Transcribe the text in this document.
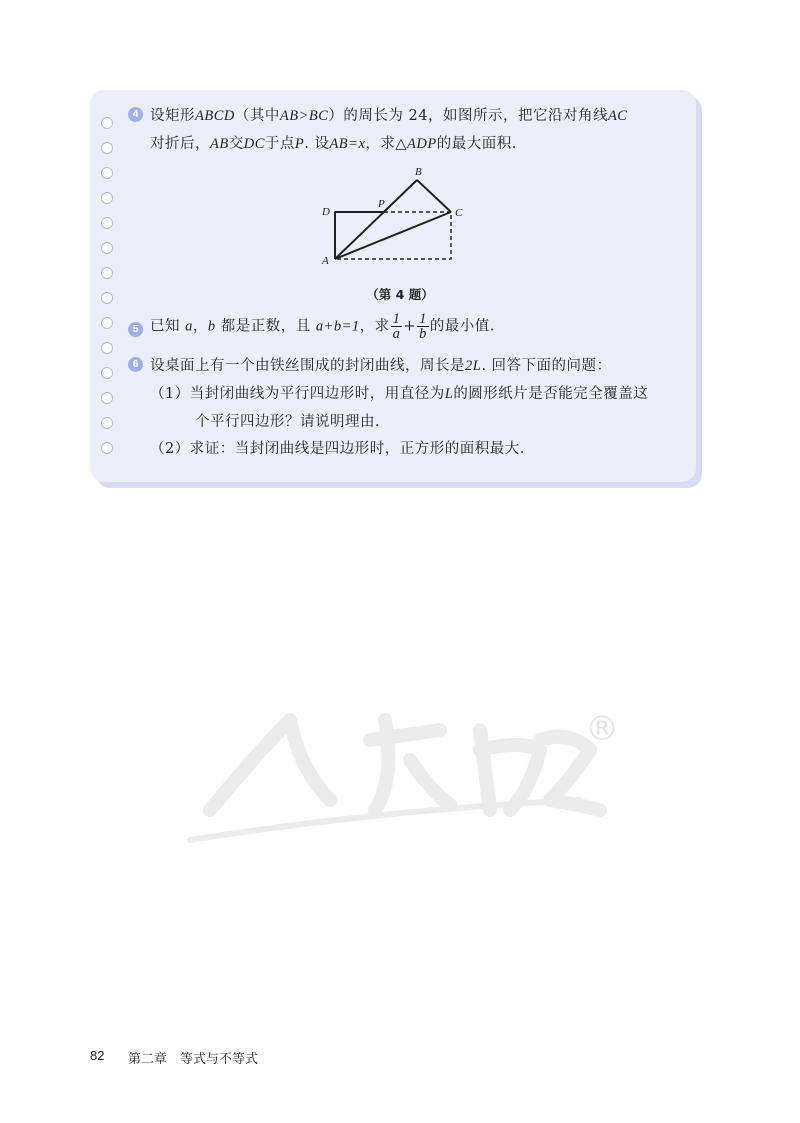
4 设矩形ABCD（其中AB>BC）的周长为 24，如图所示，把它沿对角线AC
对折后，AB交DC于点P. 设AB=x，求△ADP的最大面积.
B
D
P
C
A
（第 4 题）
5 已知 a，b 都是正数，且 a+b=1，求 $\frac{1}{a} + \frac{1}{b}$ 的最小值.
6 设桌面上有一个由铁丝围成的封闭曲线，周长是2L. 回答下面的问题：
（1）当封闭曲线为平行四边形时，用直径为L的圆形纸片是否能完全覆盖这
个平行四边形？请说明理由.
（2）求证：当封闭曲线是四边形时，正方形的面积最大.
®
82 第二章　等式与不等式
